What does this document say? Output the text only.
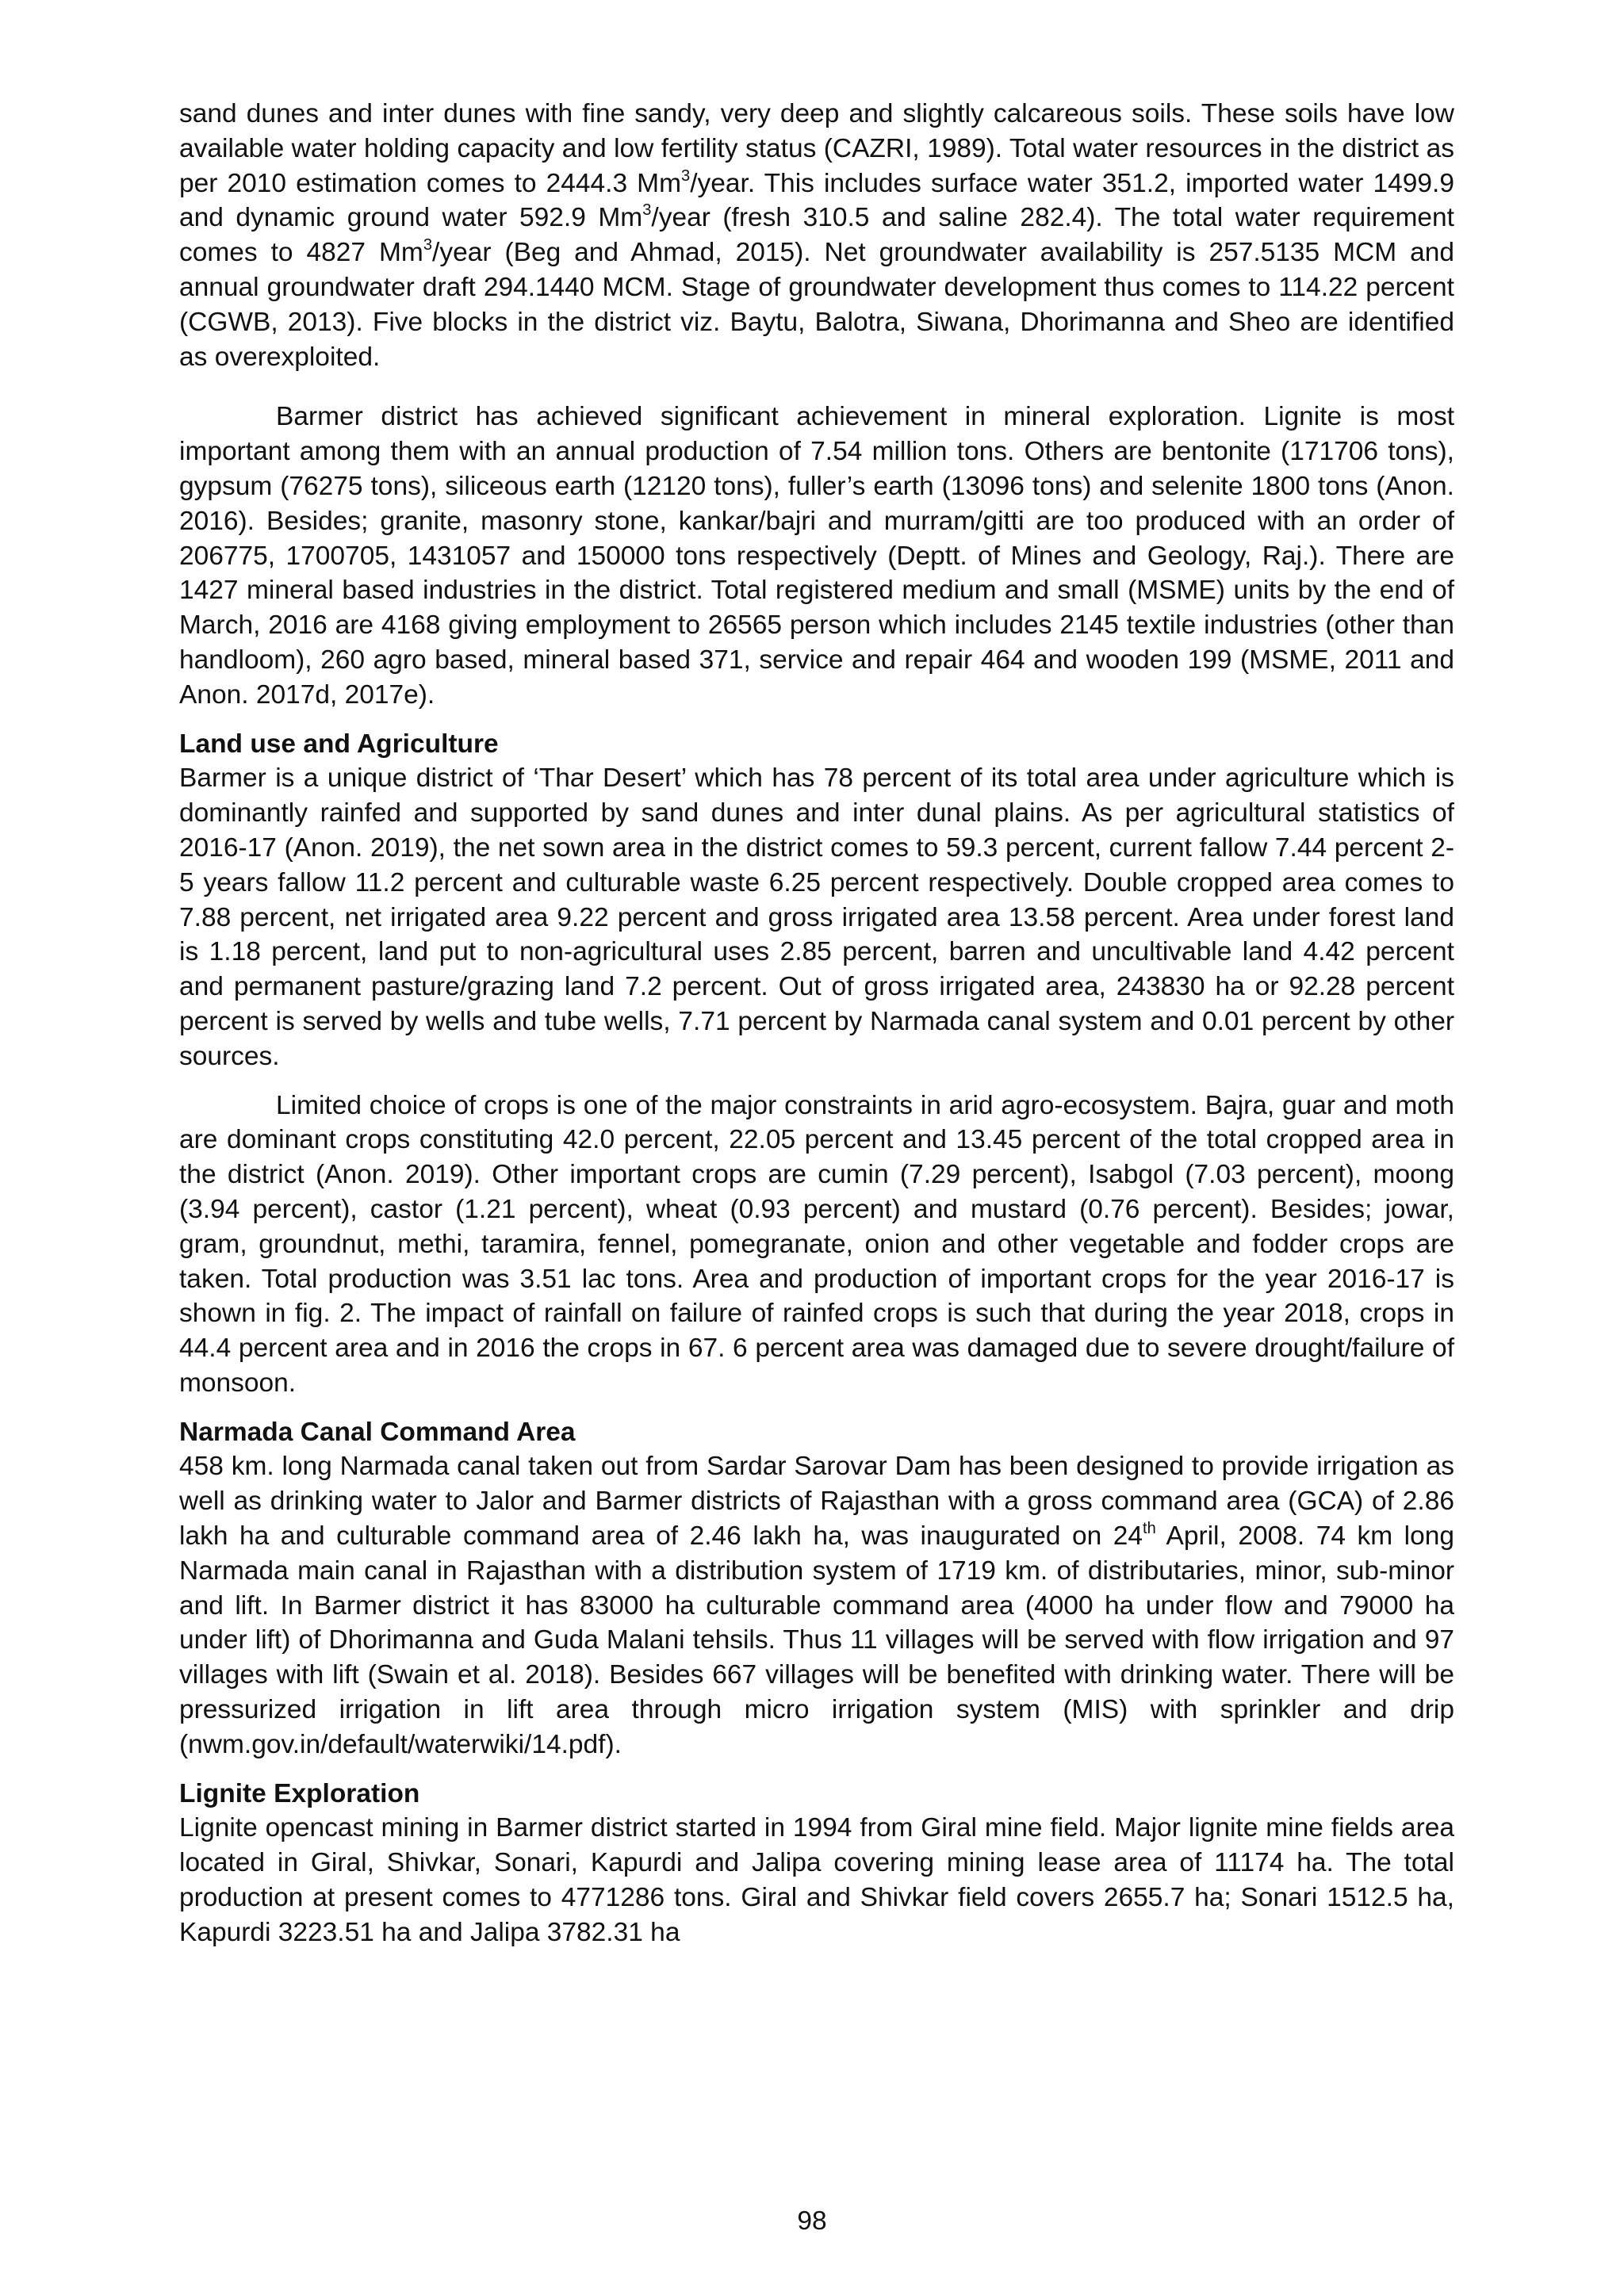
sand dunes and inter dunes with fine sandy, very deep and slightly calcareous soils. These soils have low available water holding capacity and low fertility status (CAZRI, 1989). Total water resources in the district as per 2010 estimation comes to 2444.3 Mm$^3$/year. This includes surface water 351.2, imported water 1499.9 and dynamic ground water 592.9 Mm$^3$/year (fresh 310.5 and saline 282.4). The total water requirement comes to 4827 Mm$^3$/year (Beg and Ahmad, 2015). Net groundwater availability is 257.5135 MCM and annual groundwater draft 294.1440 MCM. Stage of groundwater development thus comes to 114.22 percent (CGWB, 2013). Five blocks in the district viz. Baytu, Balotra, Siwana, Dhorimanna and Sheo are identified as overexploited.

Barmer district has achieved significant achievement in mineral exploration. Lignite is most important among them with an annual production of 7.54 million tons. Others are bentonite (171706 tons), gypsum (76275 tons), siliceous earth (12120 tons), fuller’s earth (13096 tons) and selenite 1800 tons (Anon. 2016). Besides; granite, masonry stone, kankar/bajri and murram/gitti are too produced with an order of 206775, 1700705, 1431057 and 150000 tons respectively (Deptt. of Mines and Geology, Raj.). There are 1427 mineral based industries in the district. Total registered medium and small (MSME) units by the end of March, 2016 are 4168 giving employment to 26565 person which includes 2145 textile industries (other than handloom), 260 agro based, mineral based 371, service and repair 464 and wooden 199 (MSME, 2011 and Anon. 2017d, 2017e).

Land use and Agriculture

Barmer is a unique district of ‘Thar Desert’ which has 78 percent of its total area under agriculture which is dominantly rainfed and supported by sand dunes and inter dunal plains. As per agricultural statistics of 2016-17 (Anon. 2019), the net sown area in the district comes to 59.3 percent, current fallow 7.44 percent 2-5 years fallow 11.2 percent and culturable waste 6.25 percent respectively. Double cropped area comes to 7.88 percent, net irrigated area 9.22 percent and gross irrigated area 13.58 percent. Area under forest land is 1.18 percent, land put to non-agricultural uses 2.85 percent, barren and uncultivable land 4.42 percent and permanent pasture/grazing land 7.2 percent. Out of gross irrigated area, 243830 ha or 92.28 percent percent is served by wells and tube wells, 7.71 percent by Narmada canal system and 0.01 percent by other sources.

Limited choice of crops is one of the major constraints in arid agro-ecosystem. Bajra, guar and moth are dominant crops constituting 42.0 percent, 22.05 percent and 13.45 percent of the total cropped area in the district (Anon. 2019). Other important crops are cumin (7.29 percent), Isabgol (7.03 percent), moong (3.94 percent), castor (1.21 percent), wheat (0.93 percent) and mustard (0.76 percent). Besides; jowar, gram, groundnut, methi, taramira, fennel, pomegranate, onion and other vegetable and fodder crops are taken. Total production was 3.51 lac tons. Area and production of important crops for the year 2016-17 is shown in fig. 2. The impact of rainfall on failure of rainfed crops is such that during the year 2018, crops in 44.4 percent area and in 2016 the crops in 67. 6 percent area was damaged due to severe drought/failure of monsoon.

Narmada Canal Command Area

458 km. long Narmada canal taken out from Sardar Sarovar Dam has been designed to provide irrigation as well as drinking water to Jalor and Barmer districts of Rajasthan with a gross command area (GCA) of 2.86 lakh ha and culturable command area of 2.46 lakh ha, was inaugurated on 24th April, 2008. 74 km long Narmada main canal in Rajasthan with a distribution system of 1719 km. of distributaries, minor, sub-minor and lift. In Barmer district it has 83000 ha culturable command area (4000 ha under flow and 79000 ha under lift) of Dhorimanna and Guda Malani tehsils. Thus 11 villages will be served with flow irrigation and 97 villages with lift (Swain et al. 2018). Besides 667 villages will be benefited with drinking water. There will be pressurized irrigation in lift area through micro irrigation system (MIS) with sprinkler and drip (nwm.gov.in/default/waterwiki/14.pdf).

Lignite Exploration

Lignite opencast mining in Barmer district started in 1994 from Giral mine field. Major lignite mine fields area located in Giral, Shivkar, Sonari, Kapurdi and Jalipa covering mining lease area of 11174 ha. The total production at present comes to 4771286 tons. Giral and Shivkar field covers 2655.7 ha; Sonari 1512.5 ha, Kapurdi 3223.51 ha and Jalipa 3782.31 ha

98
